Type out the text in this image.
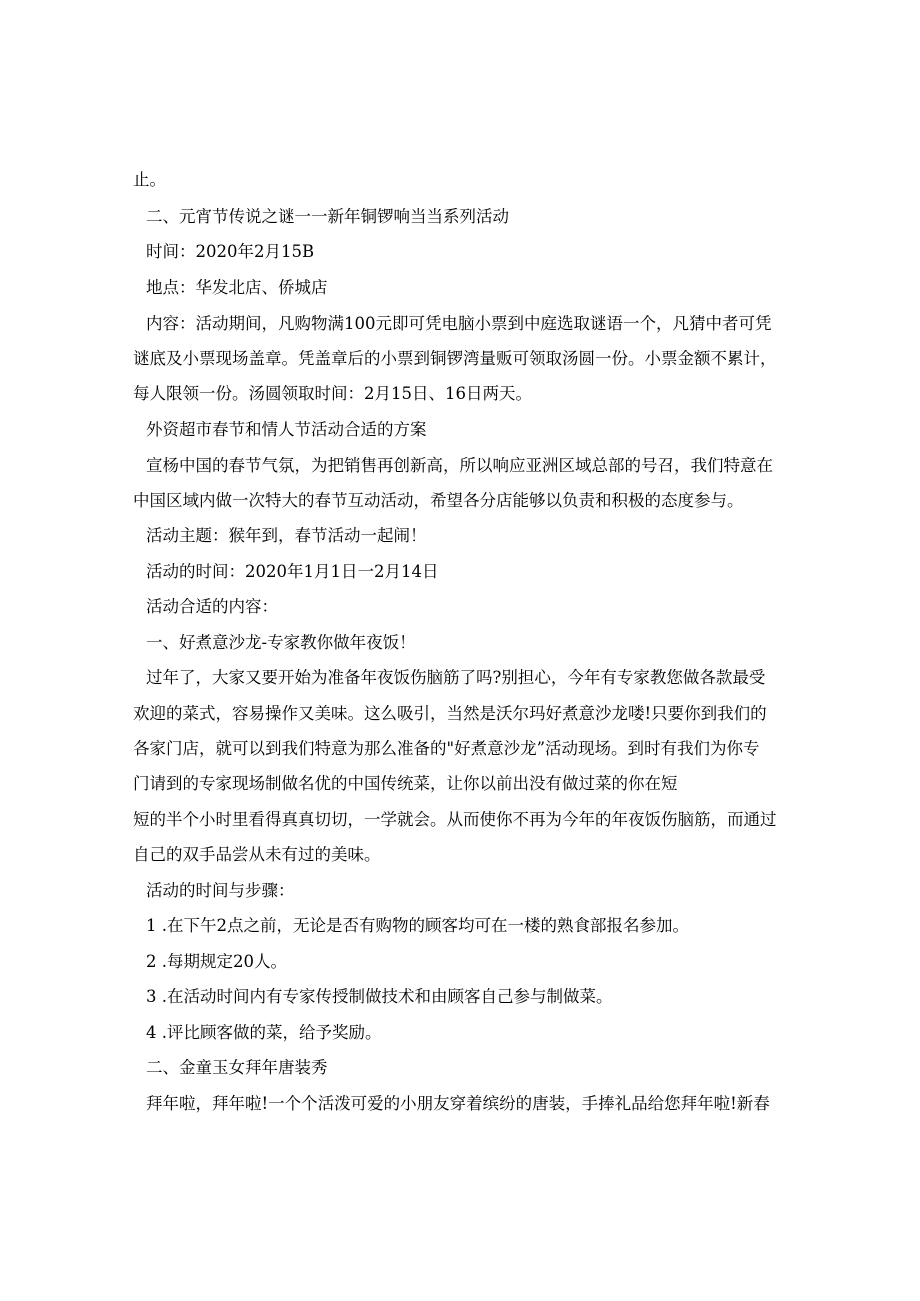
止。
二、元宵节传说之谜一一新年铜锣响当当系列活动
时间：2020年2月15B
地点：华发北店、侨城店
内容：活动期间，凡购物满100元即可凭电脑小票到中庭选取谜语一个，凡猜中者可凭
谜底及小票现场盖章。凭盖章后的小票到铜锣湾量贩可领取汤圆一份。小票金额不累计，
每人限领一份。汤圆领取时间：2月15日、16日两天。
外资超市春节和情人节活动合适的方案
宣杨中国的春节气氛，为把销售再创新高，所以响应亚洲区域总部的号召，我们特意在
中国区域内做一次特大的春节互动活动，希望各分店能够以负责和积极的态度参与。
活动主题：猴年到，春节活动一起闹！
活动的时间：2020年1月1日一2月14日
活动合适的内容：
一、好煮意沙龙-专家教你做年夜饭！
过年了，大家又要开始为准备年夜饭伤脑筋了吗?别担心，今年有专家教您做各款最受
欢迎的菜式，容易操作又美味。这么吸引，当然是沃尔玛好煮意沙龙喽!只要你到我们的
各家门店，就可以到我们特意为那么准备的"好煮意沙龙”活动现场。到时有我们为你专
门请到的专家现场制做名优的中国传统菜，让你以前出没有做过菜的你在短
短的半个小时里看得真真切切，一学就会。从而使你不再为今年的年夜饭伤脑筋，而通过
自己的双手品尝从未有过的美味。
活动的时间与步骤：
1 .在下午2点之前，无论是否有购物的顾客均可在一楼的熟食部报名参加。
2 .每期规定20人。
3 .在活动时间内有专家传授制做技术和由顾客自己参与制做菜。
4 .评比顾客做的菜，给予奖励。
二、金童玉女拜年唐装秀
拜年啦，拜年啦!一个个活泼可爱的小朋友穿着缤纷的唐装，手捧礼品给您拜年啦!新春
